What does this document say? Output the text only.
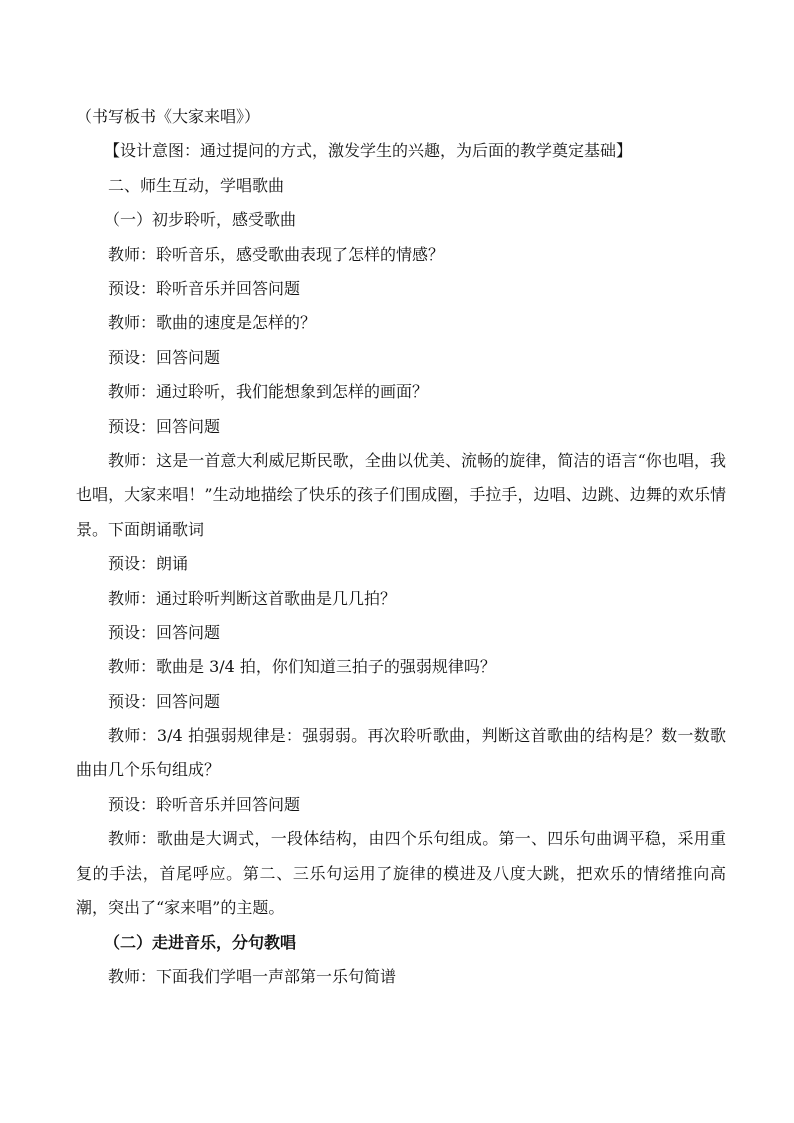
（书写板书《大家来唱》）
【设计意图：通过提问的方式，激发学生的兴趣，为后面的教学奠定基础】
二、师生互动，学唱歌曲
（一）初步聆听，感受歌曲
教师：聆听音乐，感受歌曲表现了怎样的情感？
预设：聆听音乐并回答问题
教师：歌曲的速度是怎样的？
预设：回答问题
教师：通过聆听，我们能想象到怎样的画面？
预设：回答问题
教师：这是一首意大利威尼斯民歌，全曲以优美、流畅的旋律，简洁的语言“你也唱，我也唱，大家来唱！”生动地描绘了快乐的孩子们围成圈，手拉手，边唱、边跳、边舞的欢乐情景。下面朗诵歌词
预设：朗诵
教师：通过聆听判断这首歌曲是几几拍？
预设：回答问题
教师：歌曲是 3/4 拍，你们知道三拍子的强弱规律吗？
预设：回答问题
教师：3/4 拍强弱规律是：强弱弱。再次聆听歌曲，判断这首歌曲的结构是？数一数歌曲由几个乐句组成？
预设：聆听音乐并回答问题
教师：歌曲是大调式，一段体结构，由四个乐句组成。第一、四乐句曲调平稳，采用重复的手法，首尾呼应。第二、三乐句运用了旋律的模进及八度大跳，把欢乐的情绪推向高潮，突出了“家来唱”的主题。
（二）走进音乐，分句教唱
教师：下面我们学唱一声部第一乐句简谱
